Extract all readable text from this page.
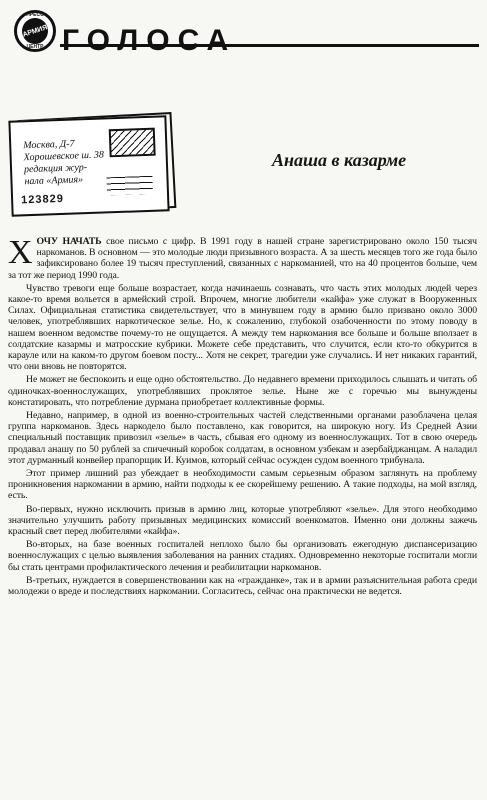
ПРЕСС
АРМИЯ
ЦЕНТР ГОЛОСА
Москва, Д-7
Хорошевское ш. 38
редакция жур-
нала «Армия»
123829
Анаша в казарме

ХОЧУ НАЧАТЬ свое письмо с цифр. В 1991 году в нашей стране зарегистрировано около 150 тысяч наркоманов. В основном — это молодые люди призывного возраста. А за шесть месяцев того же года было зафиксировано более 19 тысяч преступлений, связанных с наркоманией, что на 40 процентов больше, чем за тот же период 1990 года.

Чувство тревоги еще больше возрастает, когда начинаешь сознавать, что часть этих молодых людей через какое-то время вольется в армейский строй. Впрочем, многие любители «кайфа» уже служат в Вооруженных Силах. Официальная статистика свидетельствует, что в минувшем году в армию было призвано около 3000 человек, употреблявших наркотическое зелье. Но, к сожалению, глубокой озабоченности по этому поводу в нашем военном ведомстве почему-то не ощущается. А между тем наркомания все больше и больше вползает в солдатские казармы и матросские кубрики. Можете себе представить, что случится, если кто-то обкурится в карауле или на каком-то другом боевом посту... Хотя не секрет, трагедии уже случались. И нет никаких гарантий, что они вновь не повторятся.

Не может не беспокоить и еще одно обстоятельство. До недавнего времени приходилось слышать и читать об одиночках-военнослужащих, употреблявших проклятое зелье. Ныне же с горечью мы вынуждены констатировать, что потребление дурмана приобретает коллективные формы.

Недавно, например, в одной из военно-строительных частей следственными органами разоблачена целая группа наркоманов. Здесь наркодело было поставлено, как говорится, на широкую ногу. Из Средней Азии специальный поставщик привозил «зелье» в часть, сбывая его одному из военнослужащих. Тот в свою очередь продавал анашу по 50 рублей за спичечный коробок солдатам, в основном узбекам и азербайджанцам. А наладил этот дурманный конвейер прапорщик И. Куимов, который сейчас осужден судом военного трибунала.

Этот пример лишний раз убеждает в необходимости самым серьезным образом заглянуть на проблему проникновения наркомании в армию, найти подходы к ее скорейшему решению. А такие подходы, на мой взгляд, есть.

Во-первых, нужно исключить призыв в армию лиц, которые употребляют «зелье». Для этого необходимо значительно улучшить работу призывных медицинских комиссий военкоматов. Именно они должны зажечь красный свет перед любителями «кайфа».

Во-вторых, на базе военных госпиталей неплохо было бы организовать ежегодную диспансеризацию военнослужащих с целью выявления заболевания на ранних стадиях. Одновременно некоторые госпитали могли бы стать центрами профилактического лечения и реабилитации наркоманов.

В-третьих, нуждается в совершенствовании как на «гражданке», так и в армии разъяснительная работа среди молодежи о вреде и последствиях наркомании. Согласитесь, сейчас она практически не ведется.
